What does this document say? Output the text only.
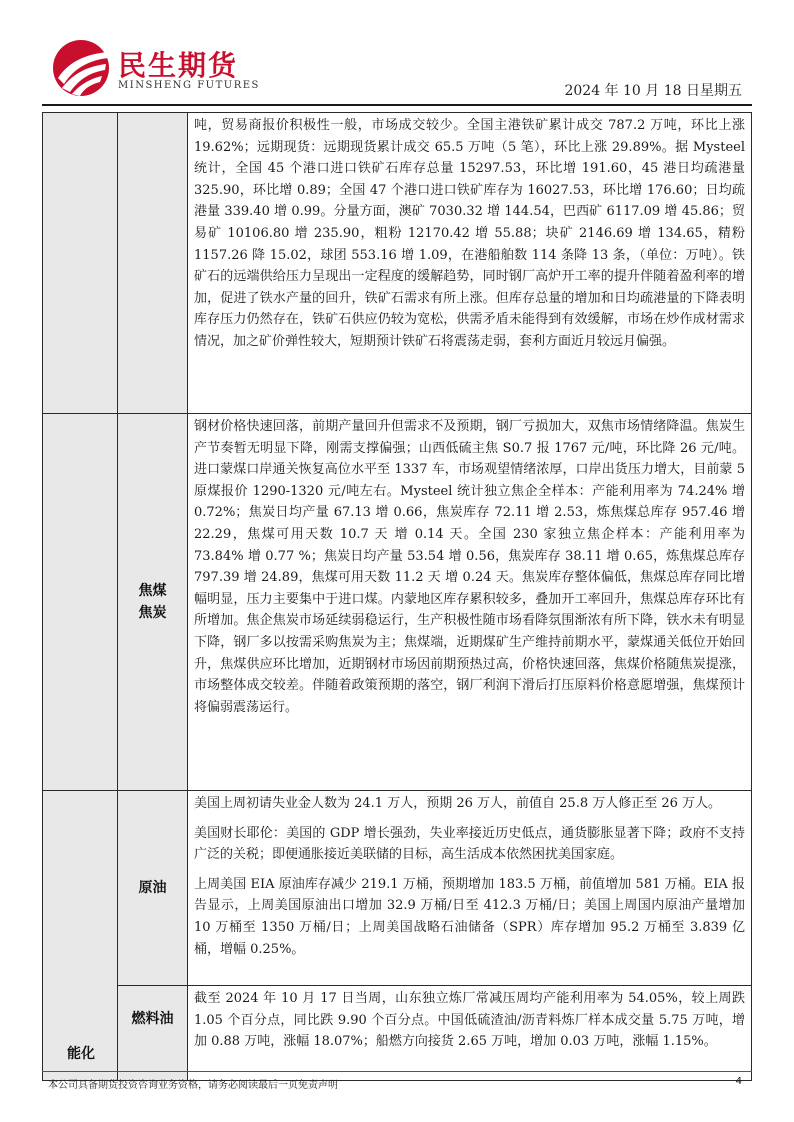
民生期货
MINSHENG FUTURES	2024 年 10 月 18 日星期五

		吨，贸易商报价积极性一般，市场成交较少。全国主港铁矿累计成交 787.2 万吨，环比上涨 19.62%；远期现货：远期现货累计成交 65.5 万吨（5 笔），环比上涨 29.89%。据 Mysteel 统计，全国 45 个港口进口铁矿石库存总量 15297.53，环比增 191.60，45 港日均疏港量 325.90，环比增 0.89；全国 47 个港口进口铁矿库存为 16027.53，环比增 176.60；日均疏港量 339.40 增 0.99。分量方面，澳矿 7030.32 增 144.54，巴西矿 6117.09 增 45.86；贸易矿 10106.80 增 235.90，粗粉 12170.42 增 55.88；块矿 2146.69 增 134.65，精粉 1157.26 降 15.02，球团 553.16 增 1.09，在港船舶数 114 条降 13 条，（单位：万吨）。铁矿石的远端供给压力呈现出一定程度的缓解趋势，同时钢厂高炉开工率的提升伴随着盈利率的增加，促进了铁水产量的回升，铁矿石需求有所上涨。但库存总量的增加和日均疏港量的下降表明库存压力仍然存在，铁矿石供应仍较为宽松，供需矛盾未能得到有效缓解，市场在炒作成材需求情况，加之矿价弹性较大，短期预计铁矿石将震荡走弱，套利方面近月较远月偏强。

	焦煤
焦炭	钢材价格快速回落，前期产量回升但需求不及预期，钢厂亏损加大，双焦市场情绪降温。焦炭生产节奏暂无明显下降，刚需支撑偏强；山西低硫主焦 S0.7 报 1767 元/吨，环比降 26 元/吨。进口蒙煤口岸通关恢复高位水平至 1337 车，市场观望情绪浓厚，口岸出货压力增大，目前蒙 5 原煤报价 1290-1320 元/吨左右。Mysteel 统计独立焦企全样本：产能利用率为 74.24% 增 0.72%；焦炭日均产量 67.13 增 0.66，焦炭库存 72.11 增 2.53，炼焦煤总库存 957.46 增 22.29，焦煤可用天数 10.7 天 增 0.14 天。全国 230 家独立焦企样本：产能利用率为 73.84% 增 0.77 %；焦炭日均产量 53.54 增 0.56，焦炭库存 38.11 增 0.65，炼焦煤总库存 797.39 增 24.89，焦煤可用天数 11.2 天 增 0.24 天。焦炭库存整体偏低，焦煤总库存同比增幅明显，压力主要集中于进口煤。内蒙地区库存累积较多，叠加开工率回升，焦煤总库存环比有所增加。焦企焦炭市场延续弱稳运行，生产积极性随市场看降氛围渐浓有所下降，铁水未有明显下降，钢厂多以按需采购焦炭为主；焦煤端，近期煤矿生产维持前期水平，蒙煤通关低位开始回升，焦煤供应环比增加，近期钢材市场因前期预热过高，价格快速回落，焦煤价格随焦炭提涨，市场整体成交较差。伴随着政策预期的落空，钢厂利润下滑后打压原料价格意愿增强，焦煤预计将偏弱震荡运行。

能化	原油	美国上周初请失业金人数为 24.1 万人，预期 26 万人，前值自 25.8 万人修正至 26 万人。

美国财长耶伦：美国的 GDP 增长强劲，失业率接近历史低点，通货膨胀显著下降；政府不支持广泛的关税；即便通胀接近美联储的目标，高生活成本依然困扰美国家庭。

上周美国 EIA 原油库存减少 219.1 万桶，预期增加 183.5 万桶，前值增加 581 万桶。EIA 报告显示，上周美国原油出口增加 32.9 万桶/日至 412.3 万桶/日；美国上周国内原油产量增加 10 万桶至 1350 万桶/日；上周美国战略石油储备（SPR）库存增加 95.2 万桶至 3.839 亿桶，增幅 0.25%。

	燃料油	截至 2024 年 10 月 17 日当周，山东独立炼厂常减压周均产能利用率为 54.05%，较上周跌 1.05 个百分点，同比跌 9.90 个百分点。中国低硫渣油/沥青料炼厂样本成交量 5.75 万吨，增加 0.88 万吨，涨幅 18.07%；船燃方向接货 2.65 万吨，增加 0.03 万吨，涨幅 1.15%。

本公司具备期货投资咨询业务资格，请务必阅读最后一页免责声明	4
